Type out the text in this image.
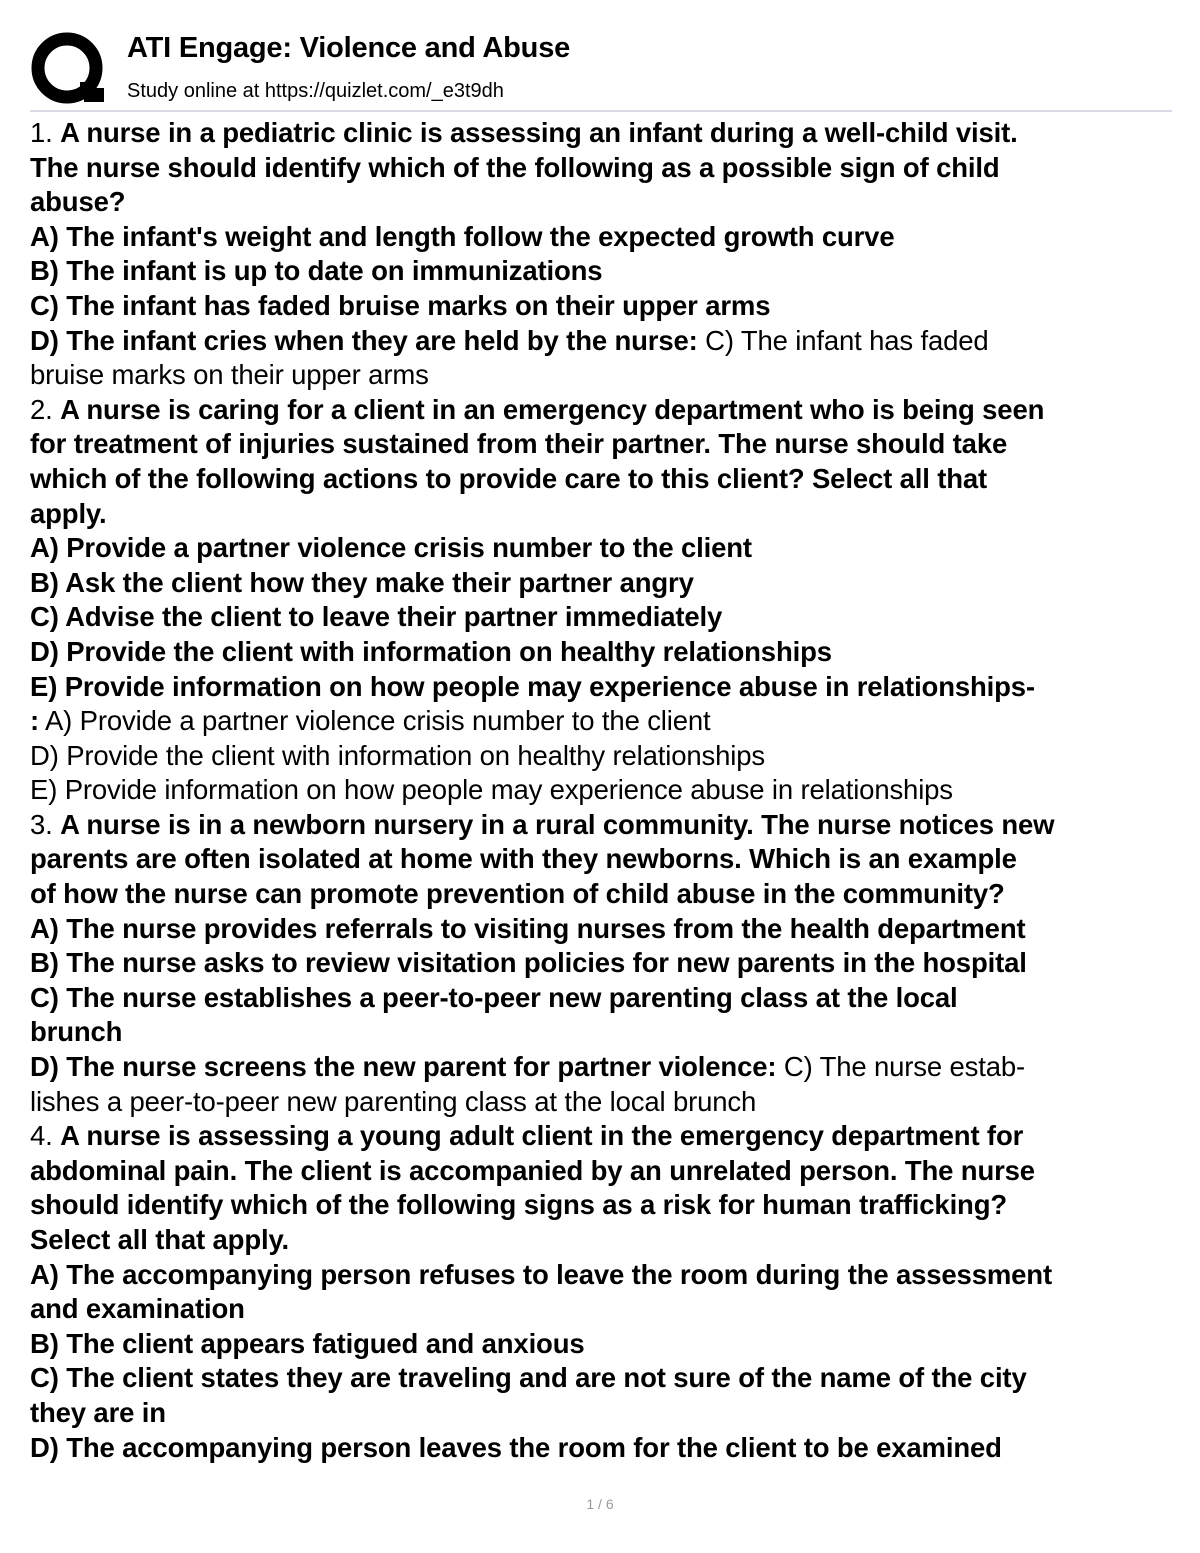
ATI Engage: Violence and Abuse
Study online at https://quizlet.com/_e3t9dh
1. A nurse in a pediatric clinic is assessing an infant during a well-child visit.
The nurse should identify which of the following as a possible sign of child
abuse?
A) The infant's weight and length follow the expected growth curve
B) The infant is up to date on immunizations
C) The infant has faded bruise marks on their upper arms
D) The infant cries when they are held by the nurse: C) The infant has faded
bruise marks on their upper arms
2. A nurse is caring for a client in an emergency department who is being seen
for treatment of injuries sustained from their partner. The nurse should take
which of the following actions to provide care to this client? Select all that
apply.
A) Provide a partner violence crisis number to the client
B) Ask the client how they make their partner angry
C) Advise the client to leave their partner immediately
D) Provide the client with information on healthy relationships
E) Provide information on how people may experience abuse in relationships-
: A) Provide a partner violence crisis number to the client
D) Provide the client with information on healthy relationships
E) Provide information on how people may experience abuse in relationships
3. A nurse is in a newborn nursery in a rural community. The nurse notices new
parents are often isolated at home with they newborns. Which is an example
of how the nurse can promote prevention of child abuse in the community?
A) The nurse provides referrals to visiting nurses from the health department
B) The nurse asks to review visitation policies for new parents in the hospital
C) The nurse establishes a peer-to-peer new parenting class at the local
brunch
D) The nurse screens the new parent for partner violence: C) The nurse estab-
lishes a peer-to-peer new parenting class at the local brunch
4. A nurse is assessing a young adult client in the emergency department for
abdominal pain. The client is accompanied by an unrelated person. The nurse
should identify which of the following signs as a risk for human trafficking?
Select all that apply.
A) The accompanying person refuses to leave the room during the assessment
and examination
B) The client appears fatigued and anxious
C) The client states they are traveling and are not sure of the name of the city
they are in
D) The accompanying person leaves the room for the client to be examined
1 / 6
